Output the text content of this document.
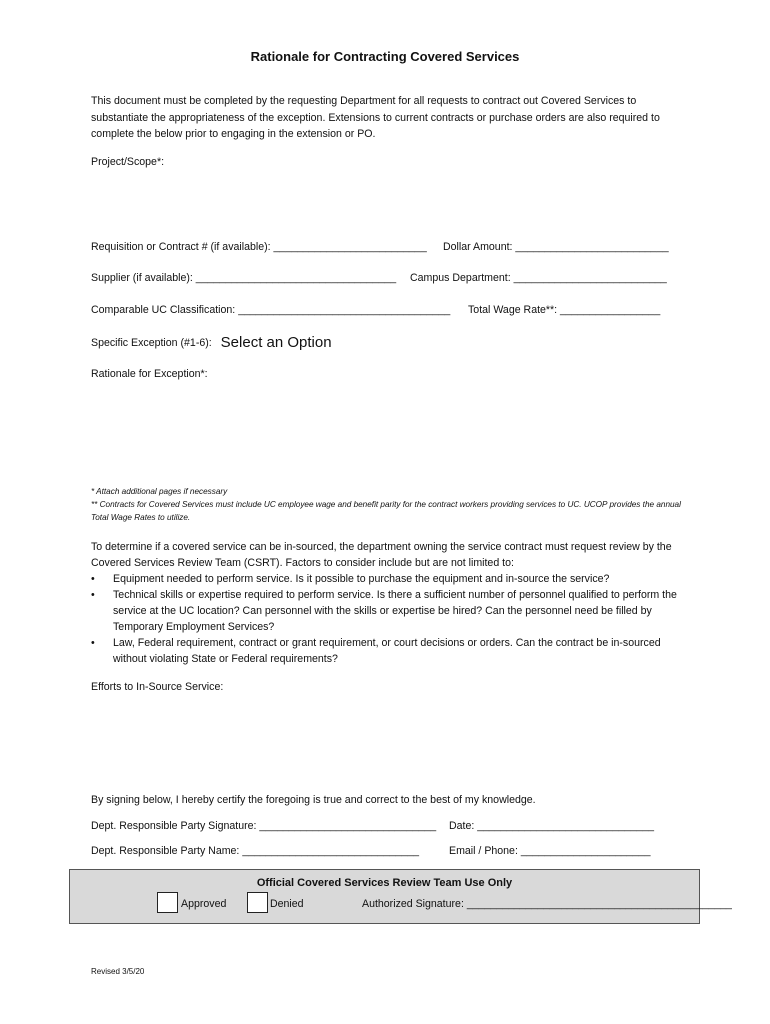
Rationale for Contracting Covered Services
This document must be completed by the requesting Department for all requests to contract out Covered Services to substantiate the appropriateness of the exception. Extensions to current contracts or purchase orders are also required to complete the below prior to engaging in the extension or PO.
Project/Scope*:
Requisition or Contract # (if available): __________________________ Dollar Amount: __________________________
Supplier (if available): __________________________________ Campus Department: __________________________
Comparable UC Classification: ____________________________________ Total Wage Rate**: _________________
Specific Exception (#1-6): Select an Option
Rationale for Exception*:
* Attach additional pages if necessary
** Contracts for Covered Services must include UC employee wage and benefit parity for the contract workers providing services to UC. UCOP provides the annual Total Wage Rates to utilize.
To determine if a covered service can be in-sourced, the department owning the service contract must request review by the Covered Services Review Team (CSRT). Factors to consider include but are not limited to:
• Equipment needed to perform service. Is it possible to purchase the equipment and in-source the service?
• Technical skills or expertise required to perform service. Is there a sufficient number of personnel qualified to perform the service at the UC location? Can personnel with the skills or expertise be hired? Can the personnel need be filled by Temporary Employment Services?
• Law, Federal requirement, contract or grant requirement, or court decisions or orders. Can the contract be in-sourced without violating State or Federal requirements?
Efforts to In-Source Service:
By signing below, I hereby certify the foregoing is true and correct to the best of my knowledge.
Dept. Responsible Party Signature: ______________________________ Date: ______________________________
Dept. Responsible Party Name: ______________________________	Email / Phone: ______________________
Official Covered Services Review Team Use Only
Approved	Denied	Authorized Signature: _____________________________________________
Revised 3/5/20
